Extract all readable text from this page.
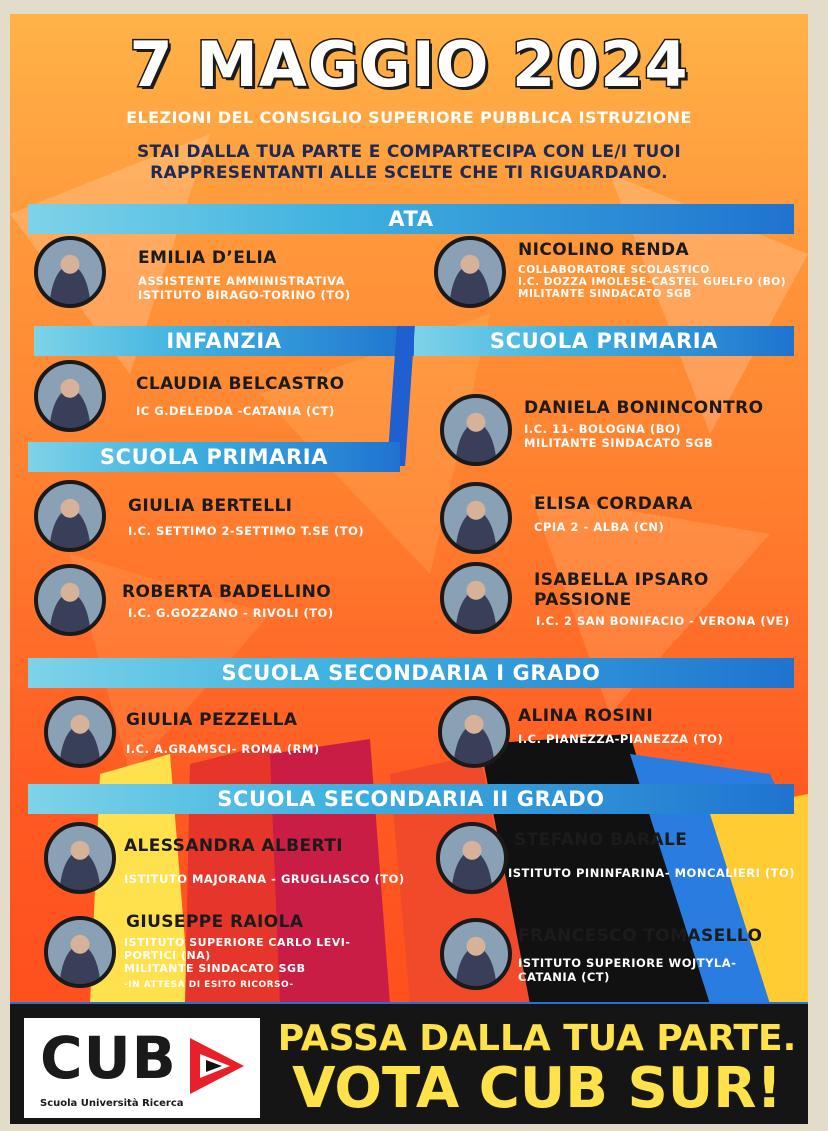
7 MAGGIO 2024
ELEZIONI DEL CONSIGLIO SUPERIORE PUBBLICA ISTRUZIONE
STAI DALLA TUA PARTE E COMPARTECIPA CON LE/I TUOI
RAPPRESENTANTI ALLE SCELTE CHE TI RIGUARDANO.
ATA
EMILIA D’ELIA
ASSISTENTE AMMINISTRATIVA
ISTITUTO BIRAGO-TORINO (TO)
NICOLINO RENDA
COLLABORATORE SCOLASTICO
I.C. DOZZA IMOLESE-CASTEL GUELFO (BO)
MILITANTE SINDACATO SGB
INFANZIA	SCUOLA PRIMARIA
CLAUDIA BELCASTRO
IC G.DELEDDA -CATANIA (CT)	DANIELA BONINCONTRO
I.C. 11- BOLOGNA (BO)
MILITANTE SINDACATO SGB
SCUOLA PRIMARIA
GIULIA BERTELLI
I.C. SETTIMO 2-SETTIMO T.SE (TO)
ELISA CORDARA
CPIA 2 - ALBA (CN)
ROBERTA BADELLINO
I.C. G.GOZZANO - RIVOLI (TO)
ISABELLA IPSARO
PASSIONE
I.C. 2 SAN BONIFACIO - VERONA (VE)
SCUOLA SECONDARIA I GRADO
GIULIA PEZZELLA
I.C. A.GRAMSCI- ROMA (RM)
ALINA ROSINI
I.C. PIANEZZA-PIANEZZA (TO)
SCUOLA SECONDARIA II GRADO
ALESSANDRA ALBERTI
ISTITUTO MAJORANA - GRUGLIASCO (TO)
STEFANO BARALE
ISTITUTO PININFARINA- MONCALIERI (TO)
GIUSEPPE RAIOLA
ISTITUTO SUPERIORE CARLO LEVI-
PORTICI (NA)
MILITANTE SINDACATO SGB
-IN ATTESA DI ESITO RICORSO-
FRANCESCO TOMASELLO
ISTITUTO SUPERIORE WOJTYLA-
CATANIA (CT)
CUB
Scuola Università Ricerca
PASSA DALLA TUA PARTE.
VOTA CUB SUR!
